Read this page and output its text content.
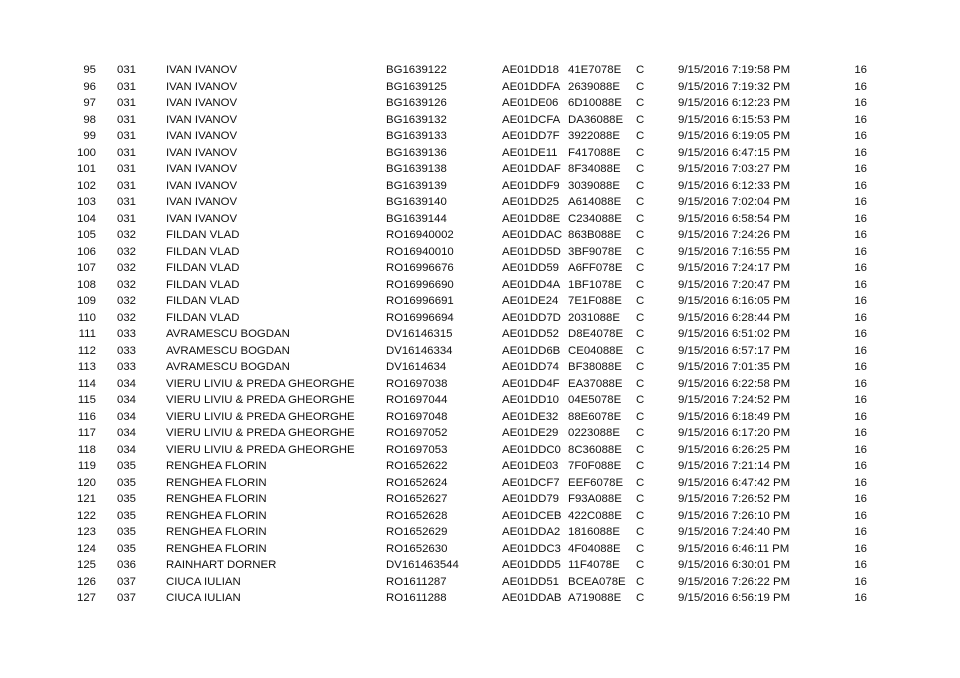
95 031	IVAN IVANOV	BG1639122	AE01DD18 41E7078E C	9/15/2016 7:19:58 PM	16
96 031	IVAN IVANOV	BG1639125	AE01DDFA 2639088E C	9/15/2016 7:19:32 PM	16
97 031	IVAN IVANOV	BG1639126	AE01DE06 6D10088E C	9/15/2016 6:12:23 PM	16
98 031	IVAN IVANOV	BG1639132	AE01DCFA DA36088E C	9/15/2016 6:15:53 PM	16
99 031	IVAN IVANOV	BG1639133	AE01DD7F 3922088E C	9/15/2016 6:19:05 PM	16
100 031	IVAN IVANOV	BG1639136	AE01DE11 F417088E C	9/15/2016 6:47:15 PM	16
101 031	IVAN IVANOV	BG1639138	AE01DDAF 8F34088E C	9/15/2016 7:03:27 PM	16
102 031	IVAN IVANOV	BG1639139	AE01DDF9 3039088E C	9/15/2016 6:12:33 PM	16
103 031	IVAN IVANOV	BG1639140	AE01DD25 A614088E C	9/15/2016 7:02:04 PM	16
104 031	IVAN IVANOV	BG1639144	AE01DD8E C234088E C	9/15/2016 6:58:54 PM	16
105 032	FILDAN VLAD	RO16940002	AE01DDAC 863B088E C	9/15/2016 7:24:26 PM	16
106 032	FILDAN VLAD	RO16940010	AE01DD5D 3BF9078E C	9/15/2016 7:16:55 PM	16
107 032	FILDAN VLAD	RO16996676	AE01DD59 A6FF078E C	9/15/2016 7:24:17 PM	16
108 032	FILDAN VLAD	RO16996690	AE01DD4A 1BF1078E C	9/15/2016 7:20:47 PM	16
109 032	FILDAN VLAD	RO16996691	AE01DE24 7E1F088E C	9/15/2016 6:16:05 PM	16
110 032	FILDAN VLAD	RO16996694	AE01DD7D 2031088E C	9/15/2016 6:28:44 PM	16
111 033	AVRAMESCU BOGDAN	DV16146315	AE01DD52 D8E4078E C	9/15/2016 6:51:02 PM	16
112 033	AVRAMESCU BOGDAN	DV16146334	AE01DD6B CE04088E C	9/15/2016 6:57:17 PM	16
113 033	AVRAMESCU BOGDAN	DV1614634	AE01DD74 BF38088E C	9/15/2016 7:01:35 PM	16
114 034	VIERU LIVIU & PREDA GHEORGHE	RO1697038	AE01DD4F EA37088E C	9/15/2016 6:22:58 PM	16
115 034	VIERU LIVIU & PREDA GHEORGHE	RO1697044	AE01DD10 04E5078E C	9/15/2016 7:24:52 PM	16
116 034	VIERU LIVIU & PREDA GHEORGHE	RO1697048	AE01DE32 88E6078E C	9/15/2016 6:18:49 PM	16
117 034	VIERU LIVIU & PREDA GHEORGHE	RO1697052	AE01DE29 0223088E C	9/15/2016 6:17:20 PM	16
118 034	VIERU LIVIU & PREDA GHEORGHE	RO1697053	AE01DDC0 8C36088E C	9/15/2016 6:26:25 PM	16
119 035	RENGHEA FLORIN	RO1652622	AE01DE03 7F0F088E C	9/15/2016 7:21:14 PM	16
120 035	RENGHEA FLORIN	RO1652624	AE01DCF7 EEF6078E C	9/15/2016 6:47:42 PM	16
121 035	RENGHEA FLORIN	RO1652627	AE01DD79 F93A088E C	9/15/2016 7:26:52 PM	16
122 035	RENGHEA FLORIN	RO1652628	AE01DCEB 422C088E C	9/15/2016 7:26:10 PM	16
123 035	RENGHEA FLORIN	RO1652629	AE01DDA2 1816088E C	9/15/2016 7:24:40 PM	16
124 035	RENGHEA FLORIN	RO1652630	AE01DDC3 4F04088E C	9/15/2016 6:46:11 PM	16
125 036	RAINHART DORNER	DV161463544	AE01DDD5 11F4078E C	9/15/2016 6:30:01 PM	16
126 037	CIUCA IULIAN	RO1611287	AE01DD51 BCEA078E C	9/15/2016 7:26:22 PM	16
127 037	CIUCA IULIAN	RO1611288	AE01DDAB A719088E C	9/15/2016 6:56:19 PM	16
